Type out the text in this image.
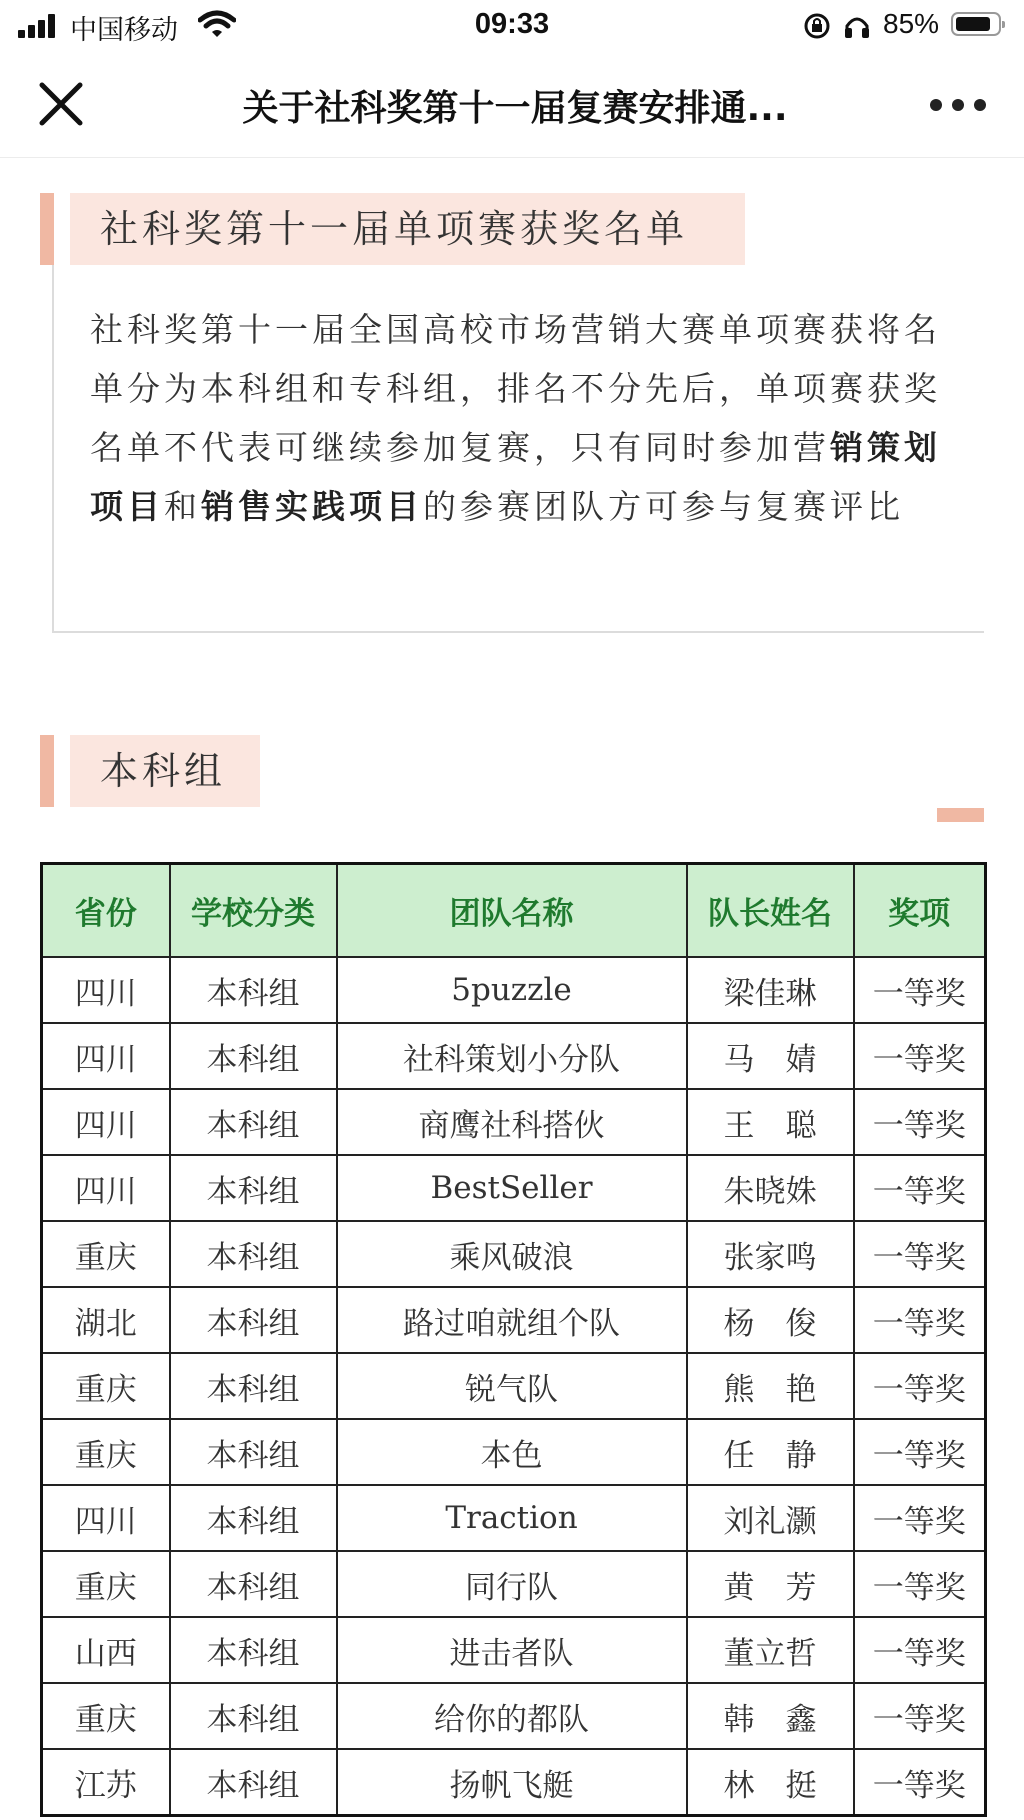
中国移动	09:33	85%
关于社科奖第十一届复赛安排通...
社科奖第十一届单项赛获奖名单
社科奖第十一届全国高校市场营销大赛单项赛获将名单分为本科组和专科组，排名不分先后，单项赛获奖名单不代表可继续参加复赛，只有同时参加营销策划项目和销售实践项目的参赛团队方可参与复赛评比
本科组
省份	学校分类	团队名称	队长姓名	奖项
四川	本科组	5puzzle	梁佳琳	一等奖
四川	本科组	社科策划小分队	马　婧	一等奖
四川	本科组	商鹰社科搭伙	王　聪	一等奖
四川	本科组	BestSeller	朱晓姝	一等奖
重庆	本科组	乘风破浪	张家鸣	一等奖
湖北	本科组	路过咱就组个队	杨　俊	一等奖
重庆	本科组	锐气队	熊　艳	一等奖
重庆	本科组	本色	任　静	一等奖
四川	本科组	Traction	刘礼灏	一等奖
重庆	本科组	同行队	黄　芳	一等奖
山西	本科组	进击者队	董立哲	一等奖
重庆	本科组	给你的都队	韩　鑫	一等奖
江苏	本科组	扬帆飞艇	林　挺	一等奖
